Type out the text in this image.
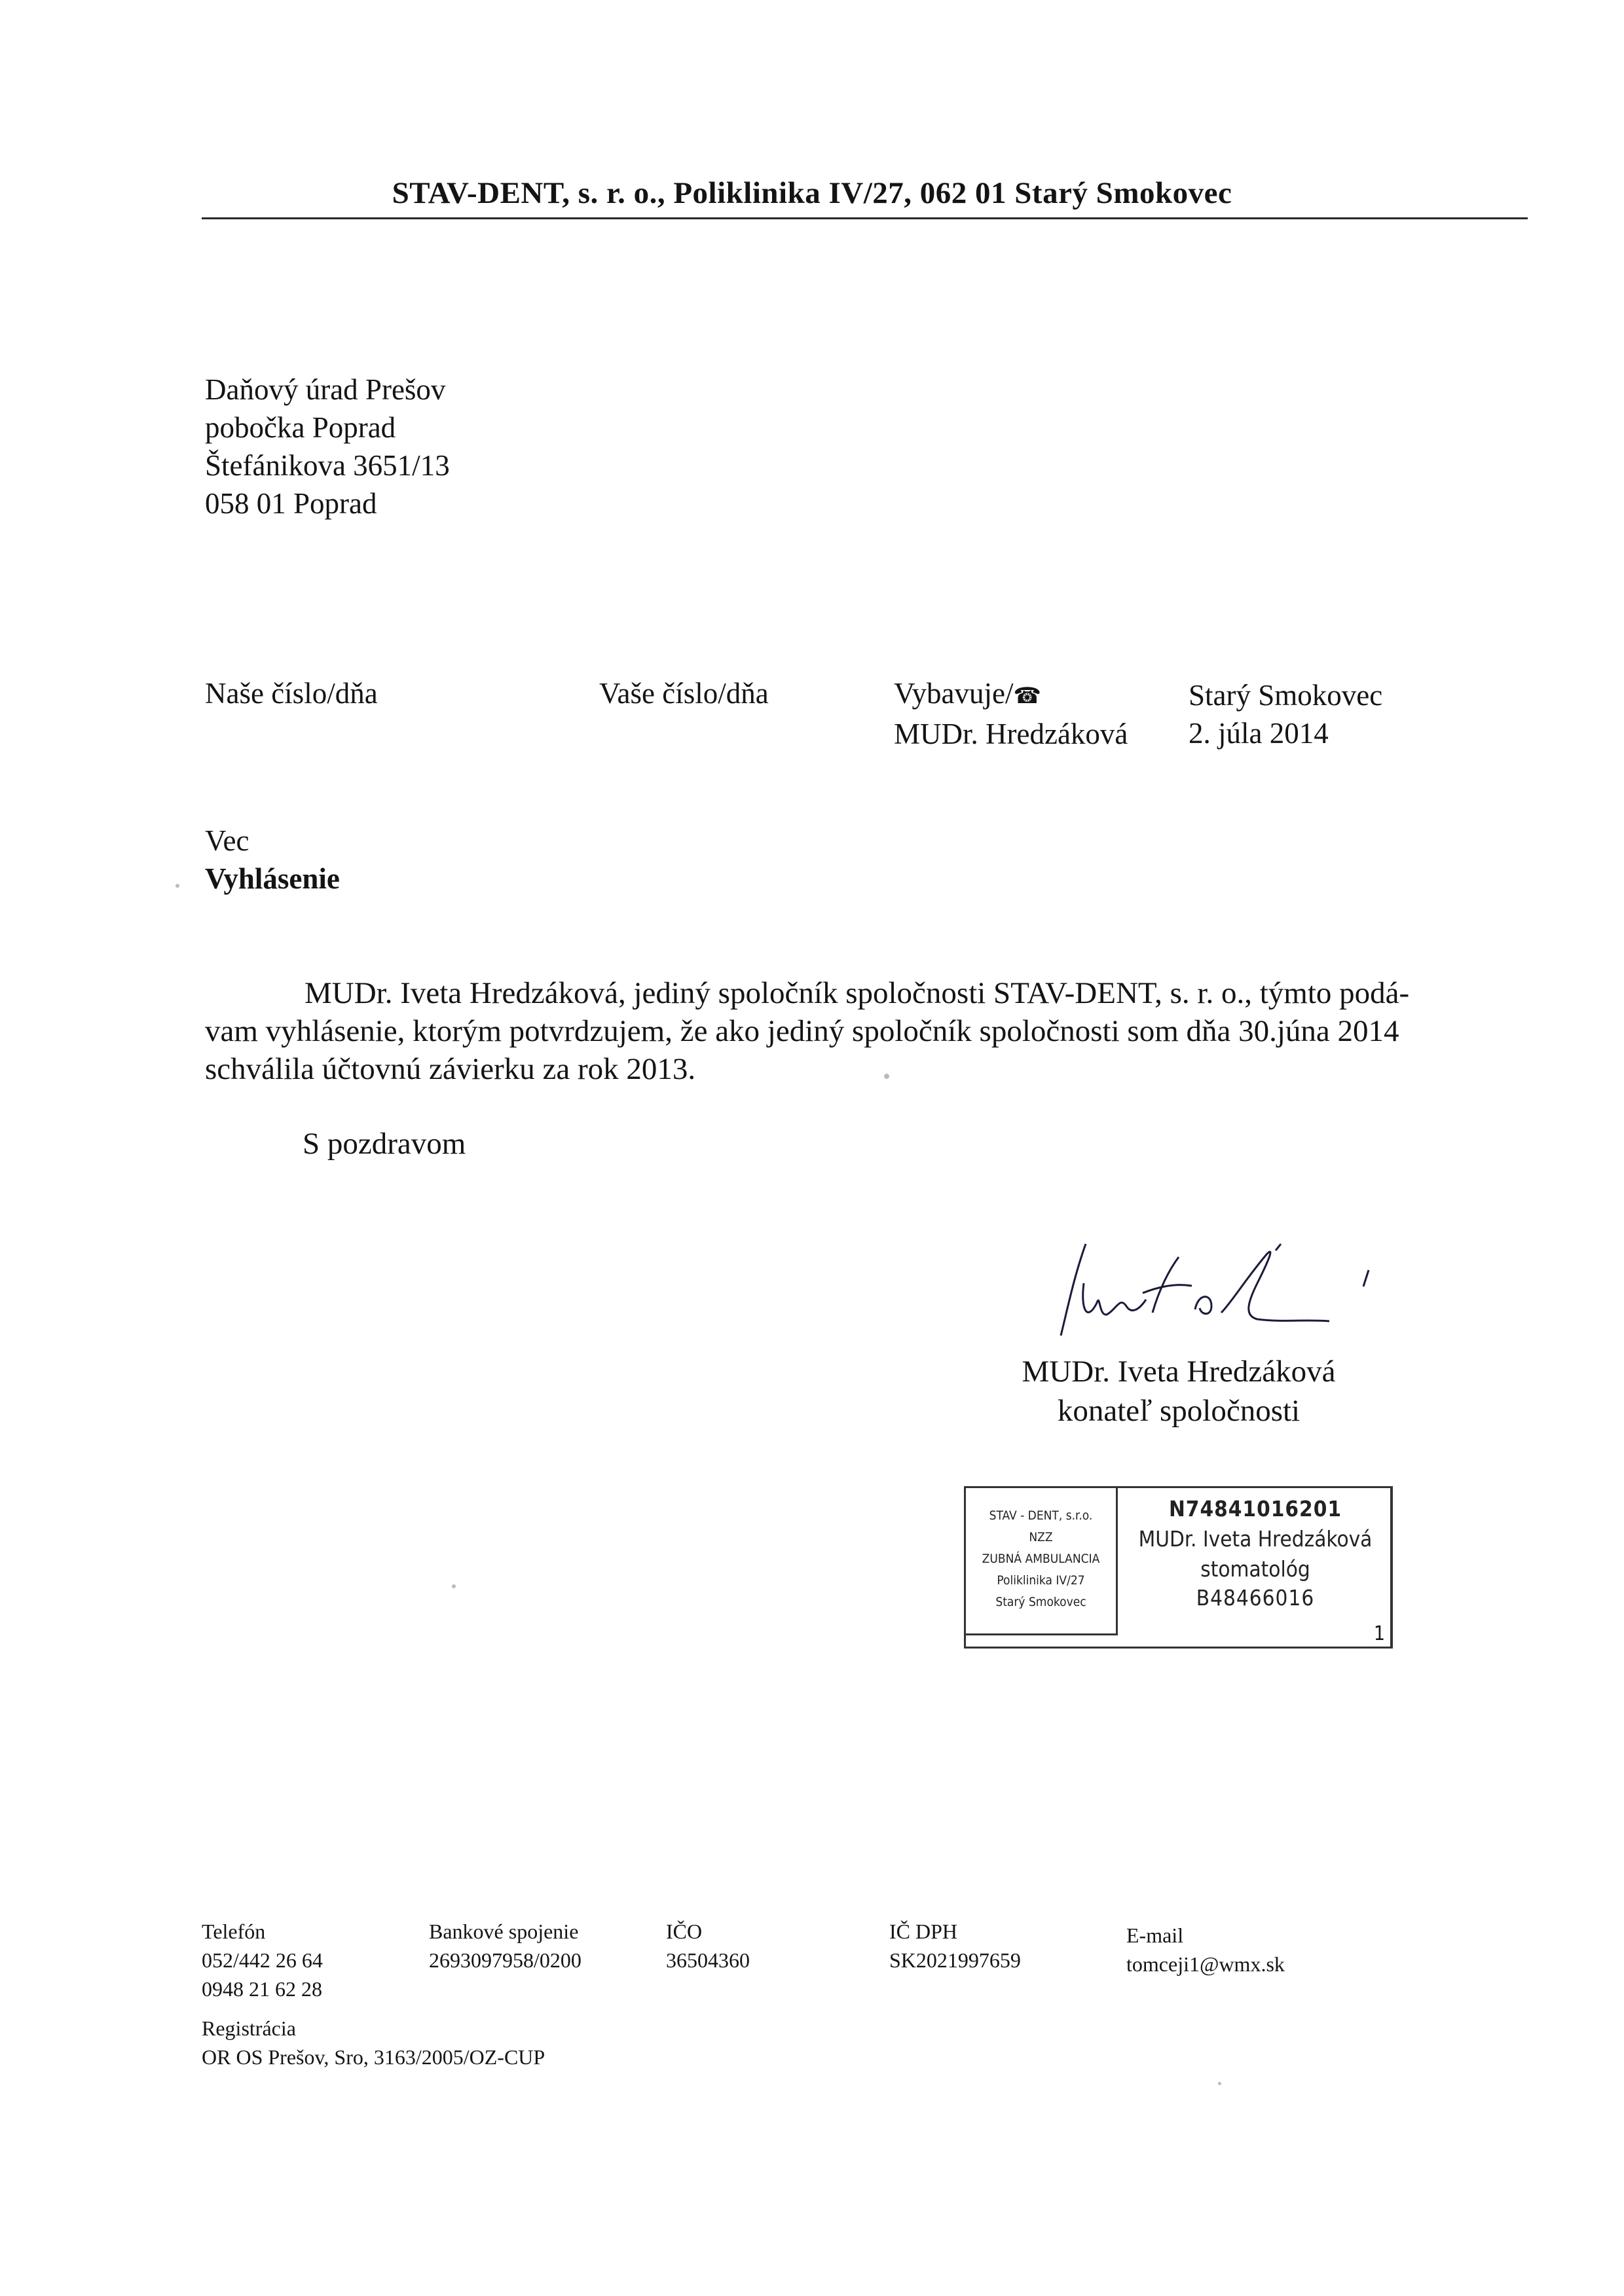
STAV-DENT, s. r. o., Poliklinika IV/27, 062 01 Starý Smokovec
Daňový úrad Prešov
pobočka Poprad
Štefánikova 3651/13
058 01 Poprad
Naše číslo/dňa	Vaše číslo/dňa	Vybavuje/☎
MUDr. Hredzáková
Starý Smokovec
2. júla 2014
Vec
Vyhlásenie
MUDr. Iveta Hredzáková, jediný spoločník spoločnosti STAV-DENT, s. r. o., týmto podá-
vam vyhlásenie, ktorým potvrdzujem, že ako jediný spoločník spoločnosti som dňa 30.júna 2014
schválila účtovnú závierku za rok 2013.
S pozdravom
MUDr. Iveta Hredzáková
konateľ spoločnosti
STAV - DENT, s.r.o.
NZZ
ZUBNÁ AMBULANCIA
Poliklinika IV/27
Starý Smokovec
N74841016201
MUDr. Iveta Hredzáková
stomatológ
B48466016
1
Telefón
052/442 26 64
0948 21 62 28
Bankové spojenie
2693097958/0200
IČO
36504360
IČ DPH
SK2021997659
E-mail
tomceji1@wmx.sk
Registrácia
OR OS Prešov, Sro, 3163/2005/OZ-CUP
